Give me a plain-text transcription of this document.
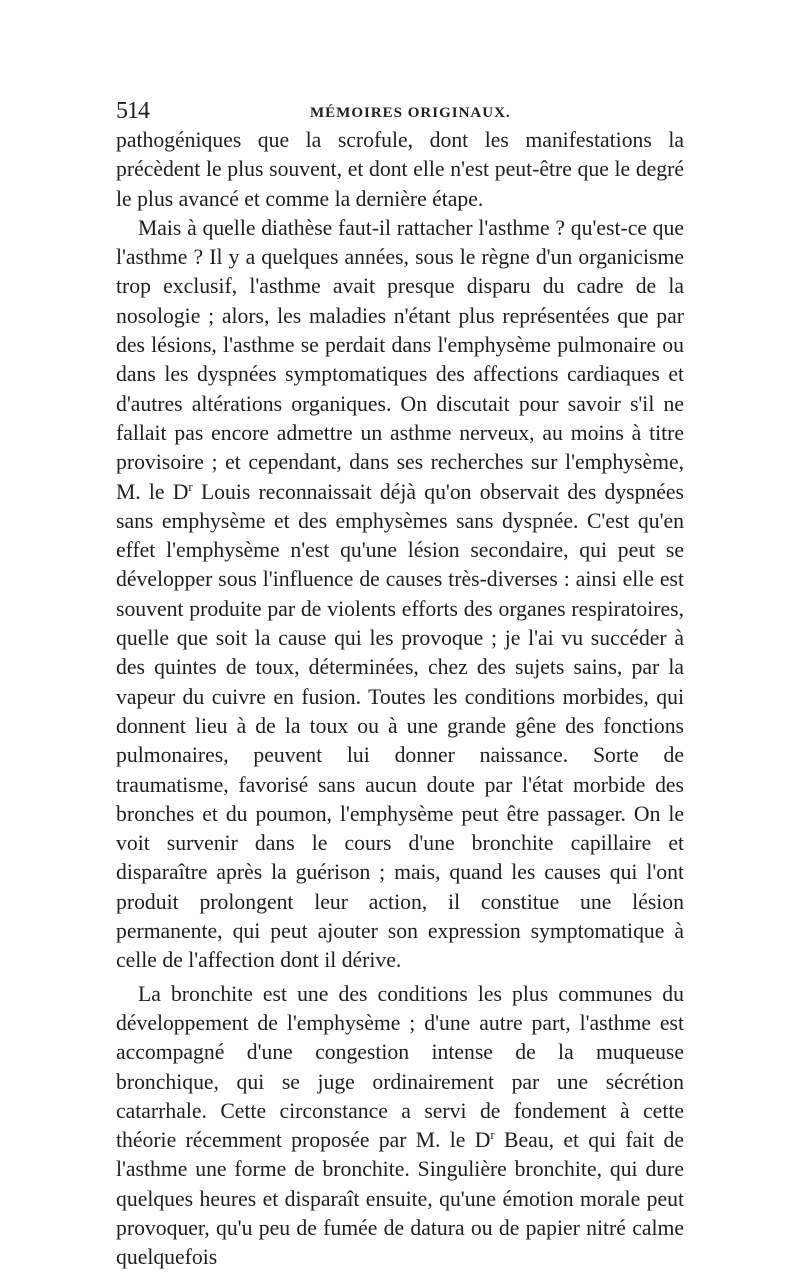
514	MÉMOIRES ORIGINAUX.

pathogéniques que la scrofule, dont les manifestations la précèdent le plus souvent, et dont elle n'est peut-être que le degré le plus avancé et comme la dernière étape.

Mais à quelle diathèse faut-il rattacher l'asthme ? qu'est-ce que l'asthme ? Il y a quelques années, sous le règne d'un organicisme trop exclusif, l'asthme avait presque disparu du cadre de la nosologie ; alors, les maladies n'étant plus représentées que par des lésions, l'asthme se perdait dans l'emphysème pulmonaire ou dans les dyspnées symptomatiques des affections cardiaques et d'autres altérations organiques. On discutait pour savoir s'il ne fallait pas encore admettre un asthme nerveux, au moins à titre provisoire ; et cependant, dans ses recherches sur l'emphysème, M. le $D^r$ Louis reconnaissait déjà qu'on observait des dyspnées sans emphysème et des emphysèmes sans dyspnée. C'est qu'en effet l'emphysème n'est qu'une lésion secondaire, qui peut se développer sous l'influence de causes très-diverses : ainsi elle est souvent produite par de violents efforts des organes respiratoires, quelle que soit la cause qui les provoque ; je l'ai vu succéder à des quintes de toux, déterminées, chez des sujets sains, par la vapeur du cuivre en fusion. Toutes les conditions morbides, qui donnent lieu à de la toux ou à une grande gêne des fonctions pulmonaires, peuvent lui donner naissance. Sorte de traumatisme, favorisé sans aucun doute par l'état morbide des bronches et du poumon, l'emphysème peut être passager. On le voit survenir dans le cours d'une bronchite capillaire et disparaître après la guérison ; mais, quand les causes qui l'ont produit prolongent leur action, il constitue une lésion permanente, qui peut ajouter son expression symptomatique à celle de l'affection dont il dérive.

La bronchite est une des conditions les plus communes du développement de l'emphysème ; d'une autre part, l'asthme est accompagné d'une congestion intense de la muqueuse bronchique, qui se juge ordinairement par une sécrétion catarrhale. Cette circonstance a servi de fondement à cette théorie récemment proposée par M. le $D^r$ Beau, et qui fait de l'asthme une forme de bronchite. Singulière bronchite, qui dure quelques heures et disparaît ensuite, qu'une émotion morale peut provoquer, qu'u peu de fumée de datura ou de papier nitré calme quelquefois
